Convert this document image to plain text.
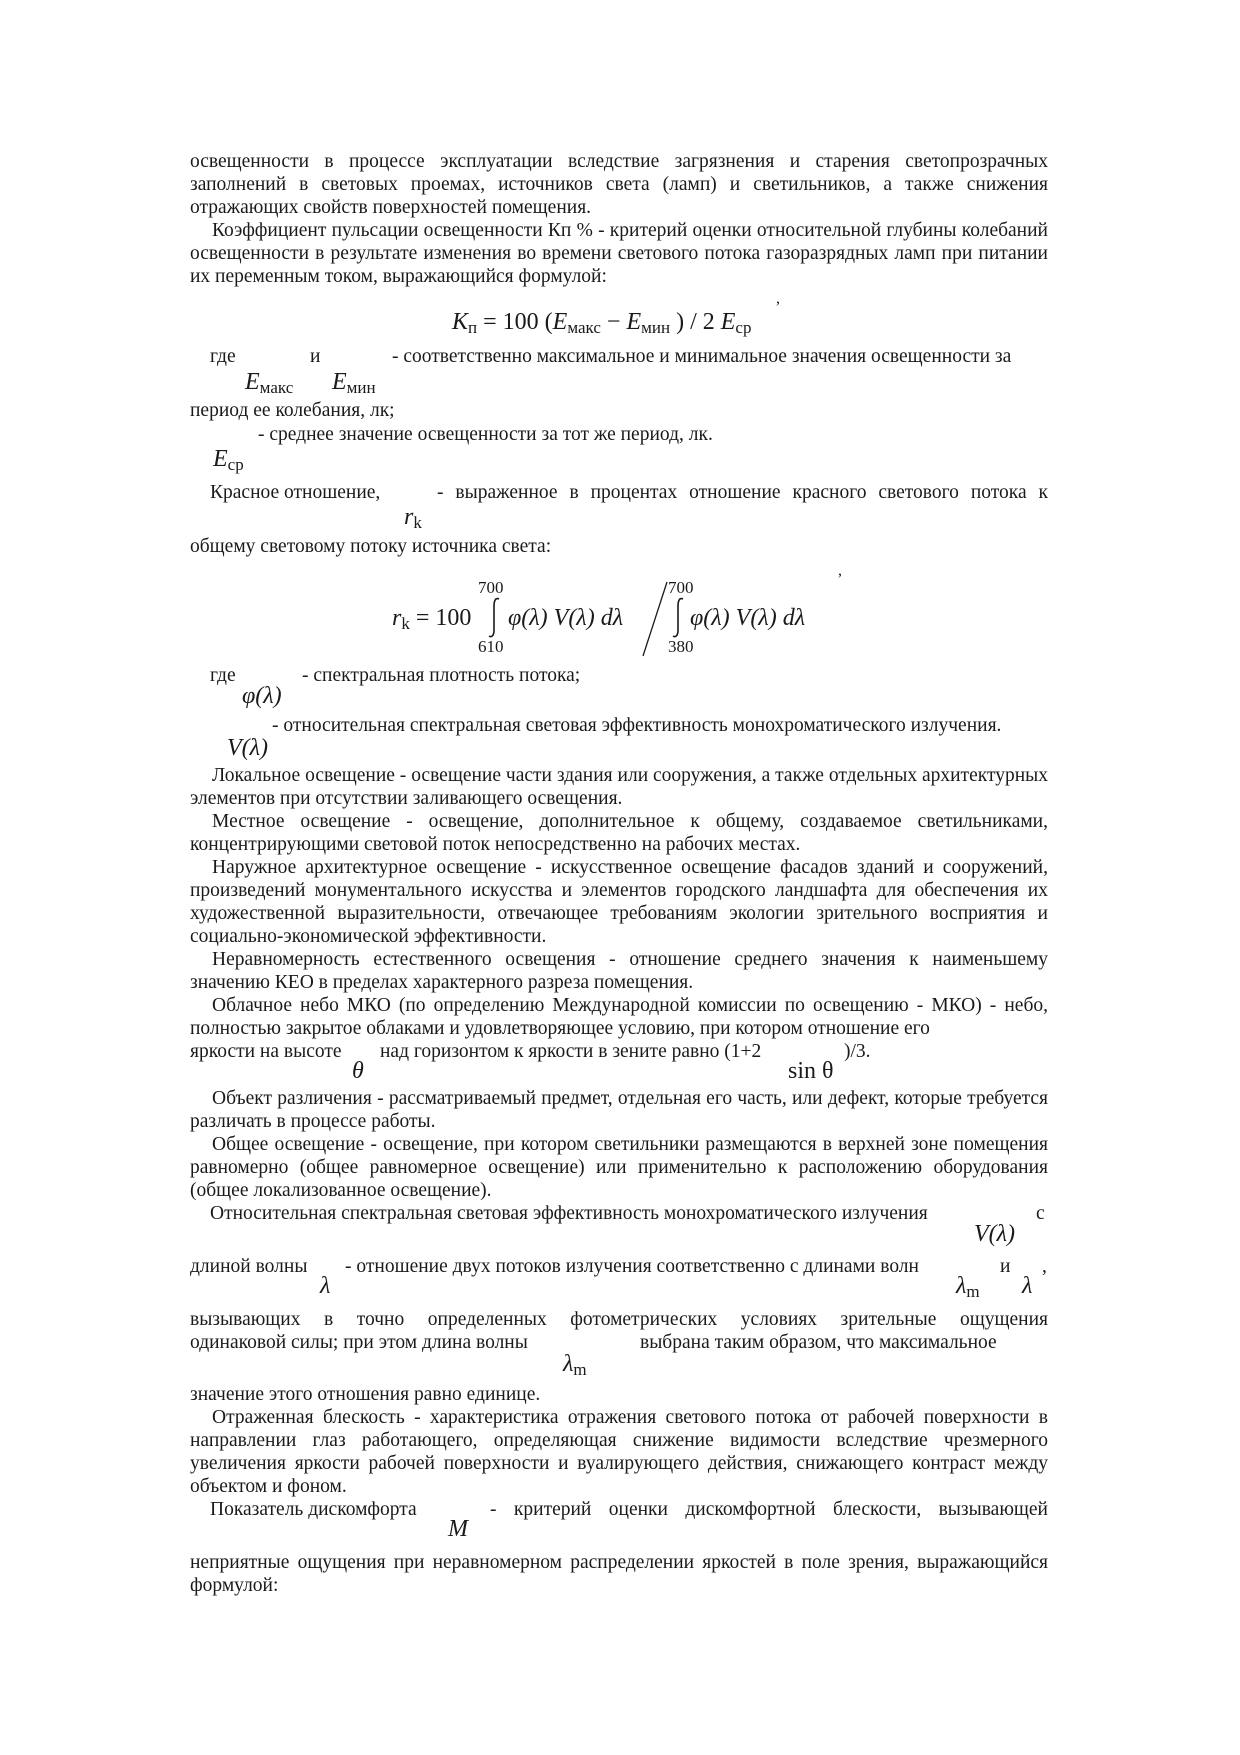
освещенности в процессе эксплуатации вследствие загрязнения и старения светопрозрачных заполнений в световых проемах, источников света (ламп) и светильников, а также снижения отражающих свойств поверхностей помещения.

Коэффициент пульсации освещенности Кп % - критерий оценки относительной глубины колебаний освещенности в результате изменения во времени светового потока газоразрядных ламп при питании их переменным током, выражающийся формулой:

,
$K_п = 100$ ($E_{макс} - E_{мин}$ ) / 2 $E_{ср}$

где	и	- соответственно максимальное и минимальное значения освещенности за

$E_{макс}$ $E_{мин}$

период ее колебания, лк;

- среднее значение освещенности за тот же период, лк.

$E_{ср}$

Красное отношение,	- выраженное в процентах отношение красного светового потока к

$r_k$

общему световому потоку источника света:

,
700	700
$r_k = 100$ φ(λ) V(λ) dλ	φ(λ) V(λ) dλ
610	380

где	- спектральная плотность потока;

φ(λ)

- относительная спектральная световая эффективность монохроматического излучения.

V(λ)

Локальное освещение - освещение части здания или сооружения, а также отдельных архитектурных элементов при отсутствии заливающего освещения.

Местное освещение - освещение, дополнительное к общему, создаваемое светильниками, концентрирующими световой поток непосредственно на рабочих местах.

Наружное архитектурное освещение - искусственное освещение фасадов зданий и сооружений, произведений монументального искусства и элементов городского ландшафта для обеспечения их художественной выразительности, отвечающее требованиям экологии зрительного восприятия и социально-экономической эффективности.

Неравномерность естественного освещения - отношение среднего значения к наименьшему значению КЕО в пределах характерного разреза помещения.

Облачное небо МКО (по определению Международной комиссии по освещению - МКО) - небо, полностью закрытое облаками и удовлетворяющее условию, при котором отношение его

яркости на высоте над горизонтом к яркости в зените равно (1+2	)/3.

θ	sin θ

Объект различения - рассматриваемый предмет, отдельная его часть, или дефект, которые требуется различать в процессе работы.

Общее освещение - освещение, при котором светильники размещаются в верхней зоне помещения равномерно (общее равномерное освещение) или применительно к расположению оборудования (общее локализованное освещение).

Относительная спектральная световая эффективность монохроматического излучения	с

V(λ)

длиной волны - отношение двух потоков излучения соответственно с длинами волн	и ,

λ	$\lambda_m$ λ

вызывающих в точно определенных фотометрических условиях зрительные ощущения

одинаковой силы; при этом длина волны	выбрана таким образом, что максимальное

$\lambda_m$

значение этого отношения равно единице.

Отраженная блескость - характеристика отражения светового потока от рабочей поверхности в направлении глаз работающего, определяющая снижение видимости вследствие чрезмерного увеличения яркости рабочей поверхности и вуалирующего действия, снижающего контраст между объектом и фоном.

Показатель дискомфорта	- критерий оценки дискомфортной блескости, вызывающей

M

неприятные ощущения при неравномерном распределении яркостей в поле зрения, выражающийся формулой:
